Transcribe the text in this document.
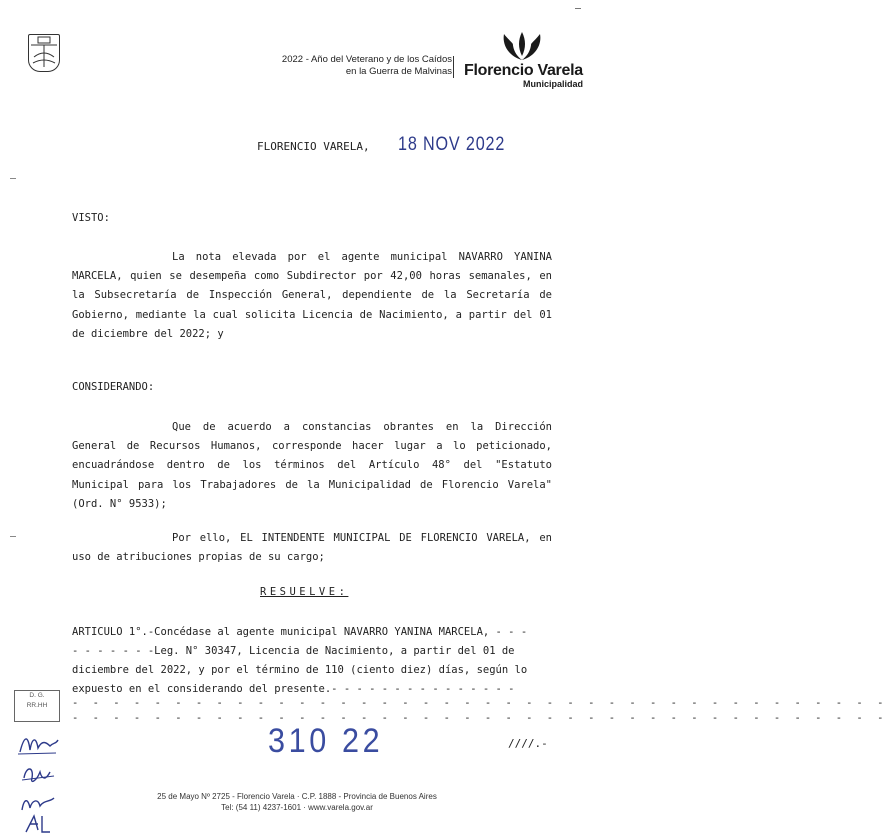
2022 - Año del Veterano y de los Caídos
en la Guerra de Malvinas Florencio Varela
Municipalidad
FLORENCIO VARELA, 18 NOV 2022
VISTO:
La nota elevada por el agente municipal NAVARRO YANINA MARCELA, quien se desempeña como Subdirector por 42,00 horas semanales, en la Subsecretaría de Inspección General, dependiente de la Secretaría de Gobierno, mediante la cual solicita Licencia de Nacimiento, a partir del 01 de diciembre del 2022; y
CONSIDERANDO:
Que de acuerdo a constancias obrantes en la Dirección General de Recursos Humanos, corresponde hacer lugar a lo peticionado, encuadrándose dentro de los términos del Artículo 48° del "Estatuto Municipal para los Trabajadores de la Municipalidad de Florencio Varela" (Ord. N° 9533);
Por ello, EL INTENDENTE MUNICIPAL DE FLORENCIO VARELA, en uso de atribuciones propias de su cargo;
RESUELVE:
ARTICULO 1°.-Concédase al agente municipal NAVARRO YANINA MARCELA, - - -
- - - - - - -Leg. N° 30347, Licencia de Nacimiento, a partir del 01 de
diciembre del 2022, y por el término de 110 (ciento diez) días, según lo
expuesto en el considerando del presente.- - - - - - - - - - - - - - -
- - - - - - - - - - - - - - - - - - - - - - - - - - - - - - - - - - - - - - - -
- - - - - - - - - - - - - - - - - - - - - - - - - - - - - - - - - - - - - - - -
310 22	////.-
D. G.
RR.HH
25 de Mayo Nº 2725 - Florencio Varela · C.P. 1888 - Provincia de Buenos Aires
Tel: (54 11) 4237-1601 · www.varela.gov.ar
